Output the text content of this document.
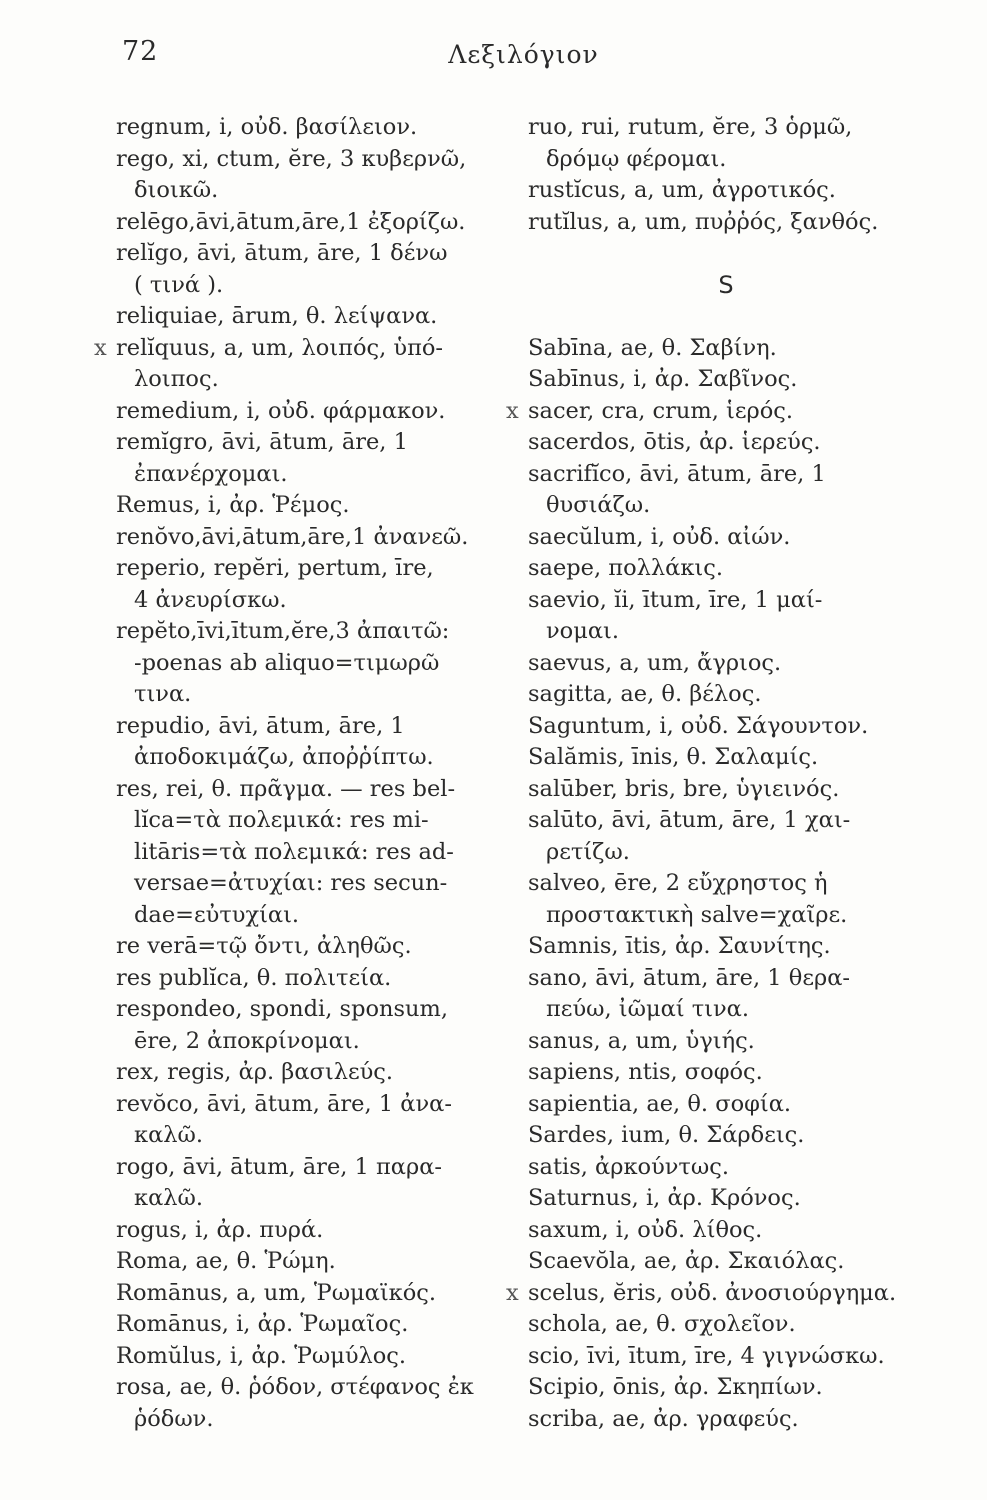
72	Λεξιλόγιον
regnum, i, οὐδ. βασίλειον.
rego, xi, ctum, ĕre, 3 κυβερνῶ,
διοικῶ.
relēgo,āvi,ātum,āre,1 ἐξορίζω.
relĭgo, āvi, ātum, āre, 1 δένω
( τινά ).
reliquiae, ārum, θ. λείψανα.
x relĭquus, a, um, λοιπός, ὑπό-
λοιπος.
remedium, i, οὐδ. φάρμακον.
remĭgro, āvi, ātum, āre, 1
ἐπανέρχομαι.
Remus, i, ἀρ. Ῥέμος.
renŏvo,āvi,ātum,āre,1 ἀνανεῶ.
reperio, repĕri, pertum, īre,
4 ἀνευρίσκω.
repĕto,īvi,ītum,ĕre,3 ἀπαιτῶ:
-poenas ab aliquo=τιμωρῶ
τινα.
repudio, āvi, ātum, āre, 1
ἀποδοκιμάζω, ἀποῤῥίπτω.
res, rei, θ. πρᾶγμα. — res bel-
lĭca=τὰ πολεμικά: res mi-
litāris=τὰ πολεμικά: res ad-
versae=ἀτυχίαι: res secun-
dae=εὐτυχίαι.
re verā=τῷ ὄντι, ἀληθῶς.
res publĭca, θ. πολιτεία.
respondeo, spondi, sponsum,
ēre, 2 ἀποκρίνομαι.
rex, regis, ἀρ. βασιλεύς.
revŏco, āvi, ātum, āre, 1 ἀνα-
καλῶ.
rogo, āvi, ātum, āre, 1 παρα-
καλῶ.
rogus, i, ἀρ. πυρά.
Roma, ae, θ. Ῥώμη.
Romānus, a, um, Ῥωμαϊκός.
Romānus, i, ἀρ. Ῥωμαῖος.
Romŭlus, i, ἀρ. Ῥωμύλος.
rosa, ae, θ. ῥόδον, στέφανος ἐκ
ῥόδων.
ruo, rui, rutum, ĕre, 3 ὁρμῶ,
δρόμῳ φέρομαι.
rustĭcus, a, um, ἀγροτικός.
rutĭlus, a, um, πυῤῥός, ξανθός.
S
Sabīna, ae, θ. Σαβίνη.
Sabīnus, i, ἀρ. Σαβῖνος.
x sacer, cra, crum, ἱερός.
sacerdos, ōtis, ἀρ. ἱερεύς.
sacrifĭco, āvi, ātum, āre, 1
θυσιάζω.
saecŭlum, i, οὐδ. αἰών.
saepe, πολλάκις.
saevio, ĭi, ītum, īre, 1 μαί-
νομαι.
saevus, a, um, ἄγριος.
sagitta, ae, θ. βέλος.
Saguntum, i, οὐδ. Σάγουντον.
Salămis, īnis, θ. Σαλαμίς.
salūber, bris, bre, ὑγιεινός.
salūto, āvi, ātum, āre, 1 χαι-
ρετίζω.
salveo, ēre, 2 εὔχρηστος ἡ
προστακτικὴ salve=χαῖρε.
Samnis, ītis, ἀρ. Σαυνίτης.
sano, āvi, ātum, āre, 1 θερα-
πεύω, ἰῶμαί τινα.
sanus, a, um, ὑγιής.
sapiens, ntis, σοφός.
sapientia, ae, θ. σοφία.
Sardes, ium, θ. Σάρδεις.
satis, ἀρκούντως.
Saturnus, i, ἀρ. Κρόνος.
saxum, i, οὐδ. λίθος.
Scaevŏla, ae, ἀρ. Σκαιόλας.
x scelus, ĕris, οὐδ. ἀνοσιούργημα.
schola, ae, θ. σχολεῖον.
scio, īvi, ītum, īre, 4 γιγνώσκω.
Scipio, ōnis, ἀρ. Σκηπίων.
scriba, ae, ἀρ. γραφεύς.
